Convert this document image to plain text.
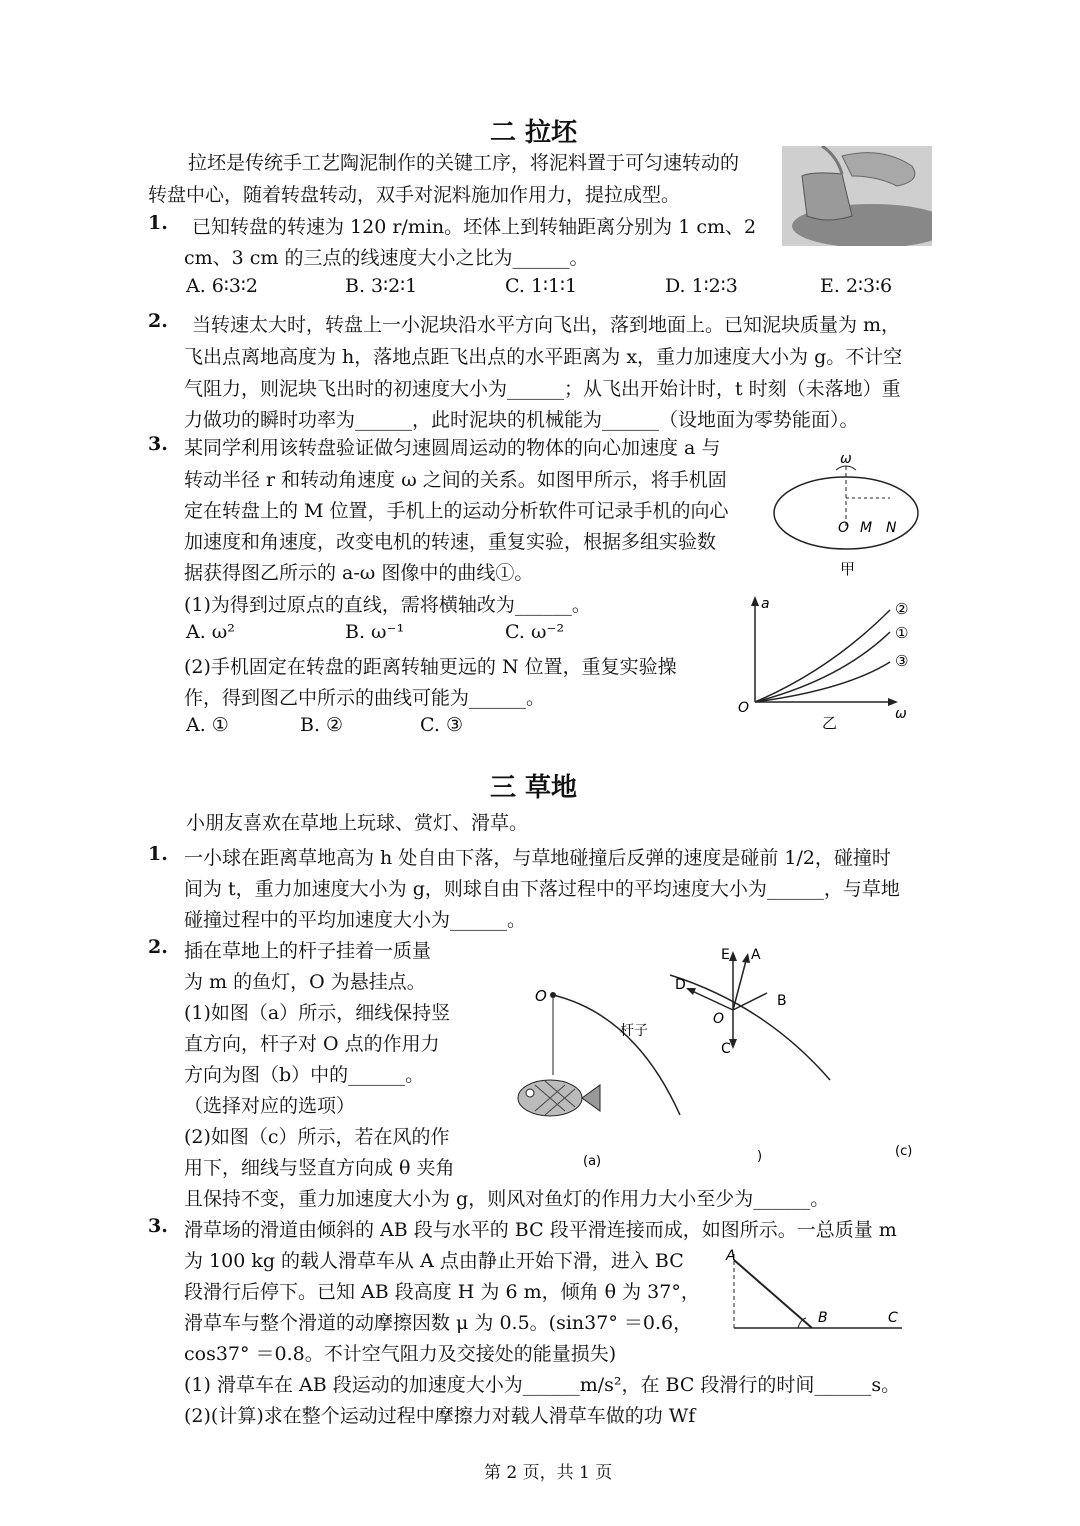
二 拉坯
拉坯是传统手工艺陶泥制作的关键工序，将泥料置于可匀速转动的
转盘中心，随着转盘转动，双手对泥料施加作用力，提拉成型。
1. 已知转盘的转速为 120 r/min。坯体上到转轴距离分别为 1 cm、2
cm、3 cm 的三点的线速度大小之比为______。
A. 6∶3∶2	B. 3∶2∶1	C. 1∶1∶1	D. 1∶2∶3	E. 2∶3∶6
2. 当转速太大时，转盘上一小泥块沿水平方向飞出，落到地面上。已知泥块质量为 m，
飞出点离地高度为 h，落地点距飞出点的水平距离为 x，重力加速度大小为 g。不计空
气阻力，则泥块飞出时的初速度大小为______；从飞出开始计时，t 时刻（未落地）重
力做功的瞬时功率为______，此时泥块的机械能为______（设地面为零势能面）。
3. 某同学利用该转盘验证做匀速圆周运动的物体的向心加速度 a 与
转动半径 r 和转动角速度 ω 之间的关系。如图甲所示，将手机固
定在转盘上的 M 位置，手机上的运动分析软件可记录手机的向心
加速度和角速度，改变电机的转速，重复实验，根据多组实验数
据获得图乙所示的 a-ω 图像中的曲线①。
(1)为得到过原点的直线，需将横轴改为______。
A. ω²	B. ω⁻¹	C. ω⁻²
(2)手机固定在转盘的距离转轴更远的 N 位置，重复实验操
作，得到图乙中所示的曲线可能为______。
A. ①	B. ②	C. ③
ω
O M N
甲
a
O	ω
②
①
③
乙
三 草地
小朋友喜欢在草地上玩球、赏灯、滑草。
1. 一小球在距离草地高为 h 处自由下落，与草地碰撞后反弹的速度是碰前 1/2，碰撞时
间为 t，重力加速度大小为 g，则球自由下落过程中的平均速度大小为______，与草地
碰撞过程中的平均加速度大小为______。
2. 插在草地上的杆子挂着一质量
为 m 的鱼灯，O 为悬挂点。
(1)如图（a）所示，细线保持竖
直方向，杆子对 O 点的作用力
方向为图（b）中的______。
（选择对应的选项）
(2)如图（c）所示，若在风的作
用下，细线与竖直方向成 θ 夹角
且保持不变，重力加速度大小为 g，则风对鱼灯的作用力大小至少为______。
O
杆子
(a)
E A
D
B
O
C
)	(c)
3. 滑草场的滑道由倾斜的 AB 段与水平的 BC 段平滑连接而成，如图所示。一总质量 m
为 100 kg 的载人滑草车从 A 点由静止开始下滑，进入 BC
段滑行后停下。已知 AB 段高度 H 为 6 m，倾角 θ 为 37°，
滑草车与整个滑道的动摩擦因数 μ 为 0.5。(sin37° ＝0.6，
cos37° ＝0.8。不计空气阻力及交接处的能量损失)
(1) 滑草车在 AB 段运动的加速度大小为______m/s²，在 BC 段滑行的时间______s。
(2)(计算)求在整个运动过程中摩擦力对载人滑草车做的功 Wf
A
B	C
第 2 页，共 1 页
